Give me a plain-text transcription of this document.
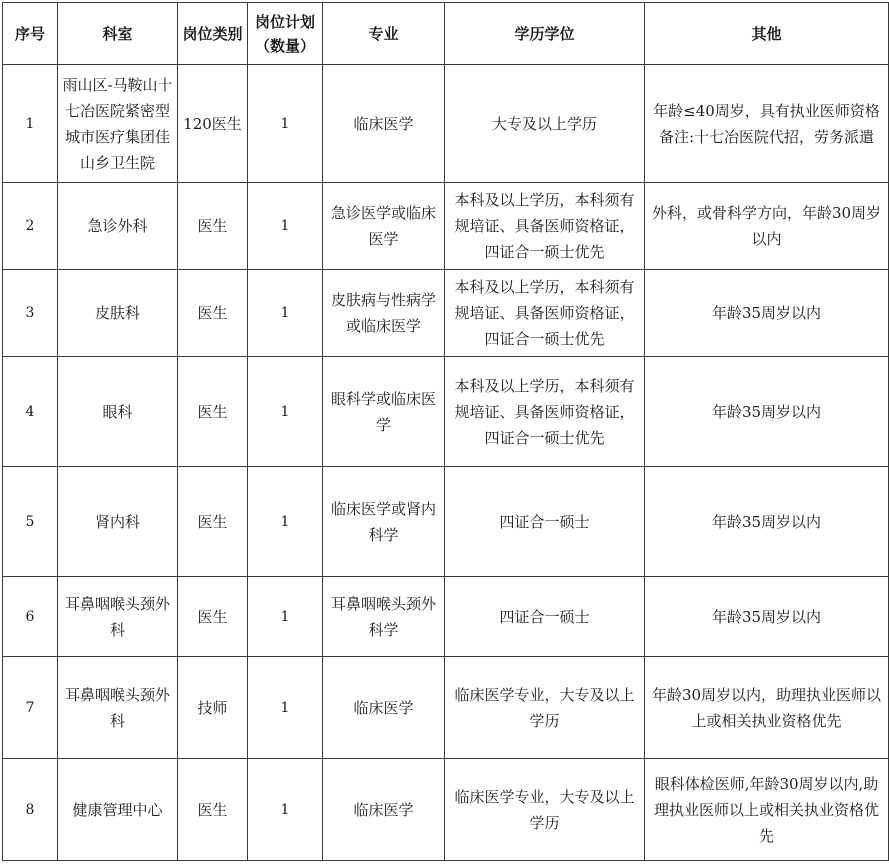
序号	科室	岗位类别	岗位计划（数量）	专业	学历学位	其他
1	雨山区-马鞍山十七冶医院紧密型城市医疗集团佳山乡卫生院	120医生	1	临床医学	大专及以上学历	年龄≤40周岁，具有执业医师资格备注:十七冶医院代招，劳务派遣
2	急诊外科	医生	1	急诊医学或临床医学	本科及以上学历，本科须有规培证、具备医师资格证，四证合一硕士优先	外科，或骨科学方向，年龄30周岁以内
3	皮肤科	医生	1	皮肤病与性病学或临床医学	本科及以上学历，本科须有规培证、具备医师资格证，四证合一硕士优先	年龄35周岁以内
4	眼科	医生	1	眼科学或临床医学	本科及以上学历，本科须有规培证、具备医师资格证，四证合一硕士优先	年龄35周岁以内
5	肾内科	医生	1	临床医学或肾内科学	四证合一硕士	年龄35周岁以内
6	耳鼻咽喉头颈外科	医生	1	耳鼻咽喉头颈外科学	四证合一硕士	年龄35周岁以内
7	耳鼻咽喉头颈外科	技师	1	临床医学	临床医学专业，大专及以上学历	年龄30周岁以内，助理执业医师以上或相关执业资格优先
8	健康管理中心	医生	1	临床医学	临床医学专业，大专及以上学历	眼科体检医师,年龄30周岁以内,助理执业医师以上或相关执业资格优先
